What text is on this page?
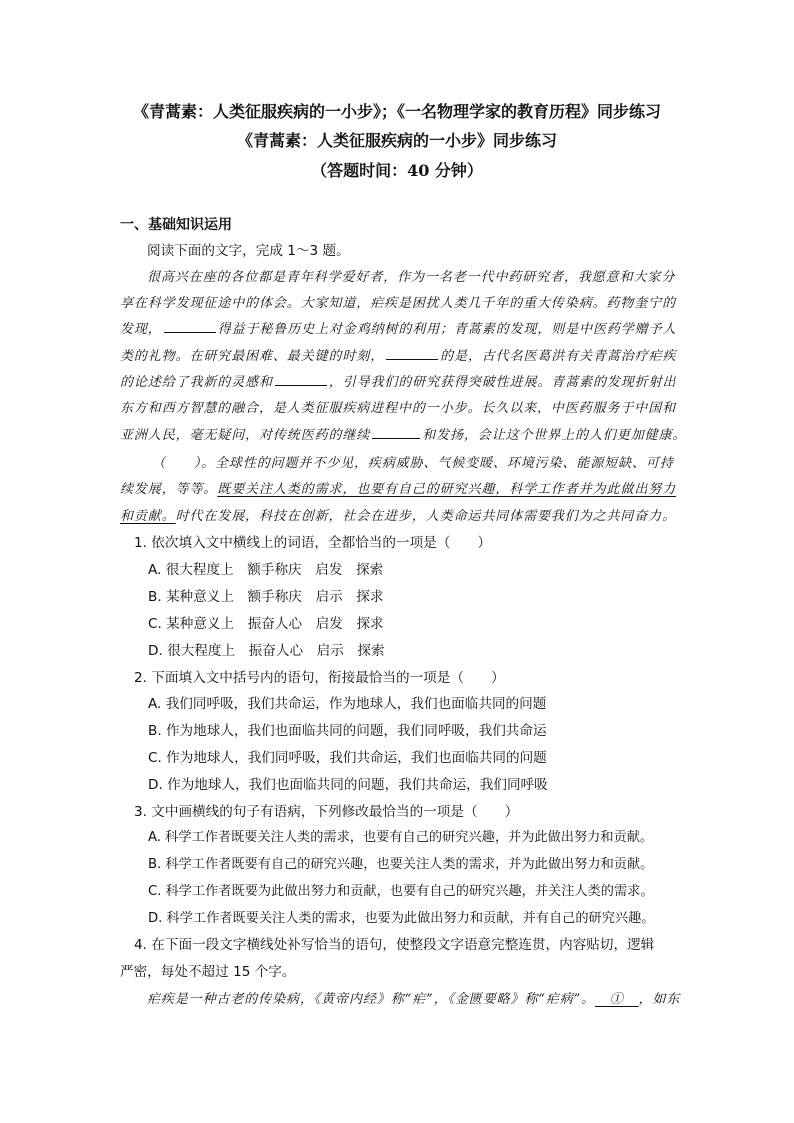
《青蒿素：人类征服疾病的一小步》；《一名物理学家的教育历程》同步练习
《青蒿素：人类征服疾病的一小步》同步练习
（答题时间：40 分钟）
一、基础知识运用
阅读下面的文字，完成 1～3 题。
很高兴在座的各位都是青年科学爱好者，作为一名老一代中药研究者，我愿意和大家分
享在科学发现征途中的体会。大家知道，疟疾是困扰人类几千年的重大传染病。药物奎宁的
发现，	得益于秘鲁历史上对金鸡纳树的利用；青蒿素的发现，则是中医药学赠予人
类的礼物。在研究最困难、最关键的时刻，	的是，古代名医葛洪有关青蒿治疗疟疾
的论述给了我新的灵感和	，引导我们的研究获得突破性进展。青蒿素的发现折射出
东方和西方智慧的融合，是人类征服疾病进程中的一小步。长久以来，中医药服务于中国和
亚洲人民，毫无疑问，对传统医药的继续	和发扬，会让这个世界上的人们更加健康。
（　　）。全球性的问题并不少见，疾病威胁、气候变暖、环境污染、能源短缺、可持
续发展，等等。既要关注人类的需求，也要有自己的研究兴趣，科学工作者并为此做出努力
和贡献。时代在发展，科技在创新，社会在进步，人类命运共同体需要我们为之共同奋力。
1. 依次填入文中横线上的词语，全都恰当的一项是（　　）
A. 很大程度上　额手称庆　启发　探索
B. 某种意义上　额手称庆　启示　探求
C. 某种意义上　振奋人心　启发　探求
D. 很大程度上　振奋人心　启示　探索
2. 下面填入文中括号内的语句，衔接最恰当的一项是（　　）
A. 我们同呼吸，我们共命运，作为地球人，我们也面临共同的问题
B. 作为地球人，我们也面临共同的问题，我们同呼吸，我们共命运
C. 作为地球人，我们同呼吸，我们共命运，我们也面临共同的问题
D. 作为地球人，我们也面临共同的问题，我们共命运，我们同呼吸
3. 文中画横线的句子有语病，下列修改最恰当的一项是（　　）
A. 科学工作者既要关注人类的需求，也要有自己的研究兴趣，并为此做出努力和贡献。
B. 科学工作者既要有自己的研究兴趣，也要关注人类的需求，并为此做出努力和贡献。
C. 科学工作者既要为此做出努力和贡献，也要有自己的研究兴趣，并关注人类的需求。
D. 科学工作者既要关注人类的需求，也要为此做出努力和贡献，并有自己的研究兴趣。
4. 在下面一段文字横线处补写恰当的语句，使整段文字语意完整连贯，内容贴切，逻辑
严密，每处不超过 15 个字。
疟疾是一种古老的传染病，《黄帝内经》称“疟”，《金匮要略》称“疟病”。   ①   ，如东
